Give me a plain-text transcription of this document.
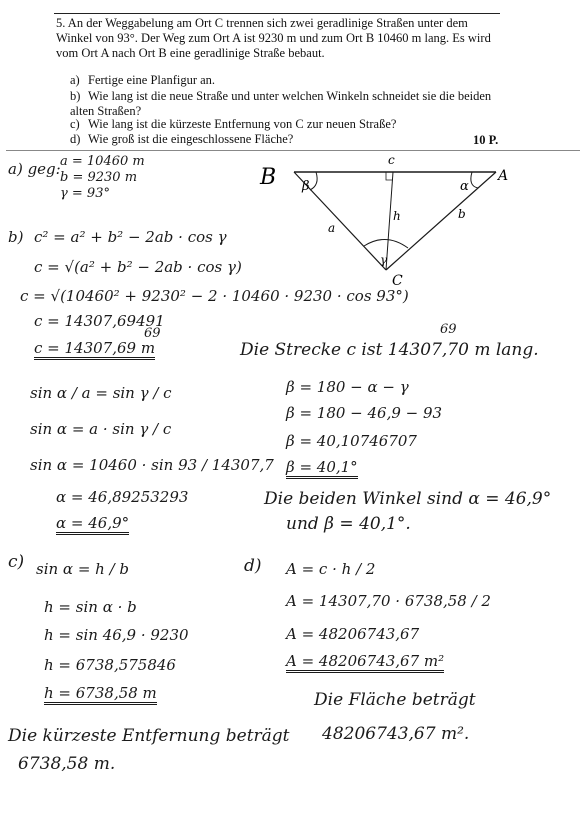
5. An der Weggabelung am Ort C trennen sich zwei geradlinige Straßen unter dem Winkel von 93°. Der Weg zum Ort A ist 9230 m und zum Ort B 10460 m lang. Es wird vom Ort A nach Ort B eine geradlinige Straße bebaut.
a) Fertige eine Planfigur an.
b) Wie lang ist die neue Straße und unter welchen Winkeln schneidet sie die beiden alten Straßen?
c) Wie lang ist die kürzeste Entfernung von C zur neuen Straße?
d) Wie groß ist die eingeschlossene Fläche?	10 P.
a) geg: a = 10460 m
b = 9230 m
γ = 93°
B	A
C
c
a
b
h
β	α
γ
b) c² = a² + b² − 2ab · cos γ
c = √(a² + b² − 2ab · cos γ)
c = √(10460² + 9230² − 2 · 10460 · 9230 · cos 93°)
c = 14307,69491
69
c = 14307,69 m	Die Strecke c ist 14307,70 m lang.
69
sin α / a = sin γ / c
sin α = a · sin γ / c
sin α = 10460 · sin 93 / 14307,7
α = 46,89253293
α = 46,9°
β = 180 − α − γ
β = 180 − 46,9 − 93
β = 40,10746707
β = 40,1°
Die beiden Winkel sind α = 46,9°
und β = 40,1°.
c) sin α = h / b
h = sin α · b
h = sin 46,9 · 9230
h = 6738,575846
h = 6738,58 m
Die kürzeste Entfernung beträgt
6738,58 m.
d) A = c · h / 2
A = 14307,70 · 6738,58 / 2
A = 48206743,67
A = 48206743,67 m²
Die Fläche beträgt
48206743,67 m².
